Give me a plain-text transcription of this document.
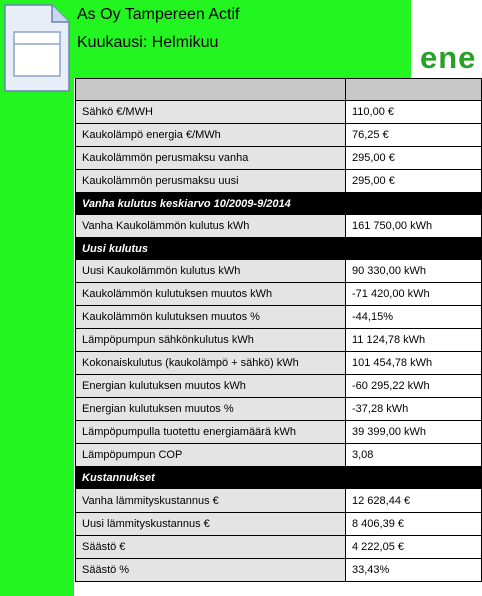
As Oy Tampereen Actif
Kuukausi: Helmikuu	ene

Sähkö €/MWH	110,00 €
Kaukolämpö energia €/MWh	76,25 €
Kaukolämmön perusmaksu vanha	295,00 €
Kaukolämmön perusmaksu uusi	295,00 €
Vanha kulutus keskiarvo 10/2009-9/2014	
Vanha Kaukolämmön kulutus kWh	161 750,00 kWh
Uusi kulutus	
Uusi Kaukolämmön kulutus kWh	90 330,00 kWh
Kaukolämmön kulutuksen muutos kWh	-71 420,00 kWh
Kaukolämmön kulutuksen muutos %	-44,15%
Lämpöpumpun sähkönkulutus kWh	11 124,78 kWh
Kokonaiskulutus (kaukolämpö + sähkö) kWh	101 454,78 kWh
Energian kulutuksen muutos kWh	-60 295,22 kWh
Energian kulutuksen muutos %	-37,28 kWh
Lämpöpumpulla tuotettu energiamäärä kWh	39 399,00 kWh
Lämpöpumpun COP	3,08
Kustannukset	
Vanha lämmityskustannus €	12 628,44 €
Uusi lämmityskustannus €	8 406,39 €
Säästö €	4 222,05 €
Säästö %	33,43%
